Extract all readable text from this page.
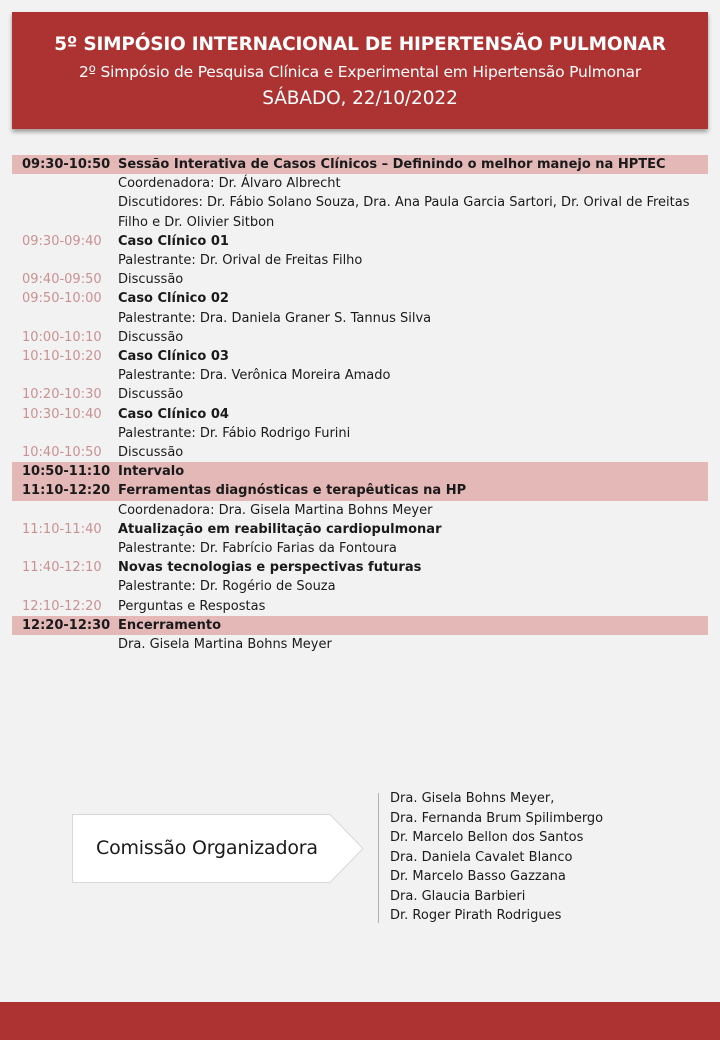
5º SIMPÓSIO INTERNACIONAL DE HIPERTENSÃO PULMONAR
2º Simpósio de Pesquisa Clínica e Experimental em Hipertensão Pulmonar
SÁBADO, 22/10/2022
09:30-10:50 Sessão Interativa de Casos Clínicos – Definindo o melhor manejo na HPTEC
Coordenadora: Dr. Álvaro Albrecht
Discutidores: Dr. Fábio Solano Souza, Dra. Ana Paula Garcia Sartori, Dr. Orival de Freitas Filho e Dr. Olivier Sitbon
09:30-09:40	Caso Clínico 01
Palestrante: Dr. Orival de Freitas Filho
09:40-09:50	Discussão
09:50-10:00	Caso Clínico 02
Palestrante: Dra. Daniela Graner S. Tannus Silva
10:00-10:10	Discussão
10:10-10:20	Caso Clínico 03
Palestrante: Dra. Verônica Moreira Amado
10:20-10:30	Discussão
10:30-10:40	Caso Clínico 04
Palestrante: Dr. Fábio Rodrigo Furini
10:40-10:50	Discussão
10:50-11:10 Intervalo
11:10-12:20 Ferramentas diagnósticas e terapêuticas na HP
Coordenadora: Dra. Gisela Martina Bohns Meyer
11:10-11:40	Atualização em reabilitação cardiopulmonar
Palestrante: Dr. Fabrício Farias da Fontoura
11:40-12:10	Novas tecnologias e perspectivas futuras
Palestrante: Dr. Rogério de Souza
12:10-12:20	Perguntas e Respostas
12:20-12:30 Encerramento
Dra. Gisela Martina Bohns Meyer
Comissão Organizadora
Dra. Gisela Bohns Meyer,
Dra. Fernanda Brum Spilimbergo
Dr. Marcelo Bellon dos Santos
Dra. Daniela Cavalet Blanco
Dr. Marcelo Basso Gazzana
Dra. Glaucia Barbieri
Dr. Roger Pirath Rodrigues
